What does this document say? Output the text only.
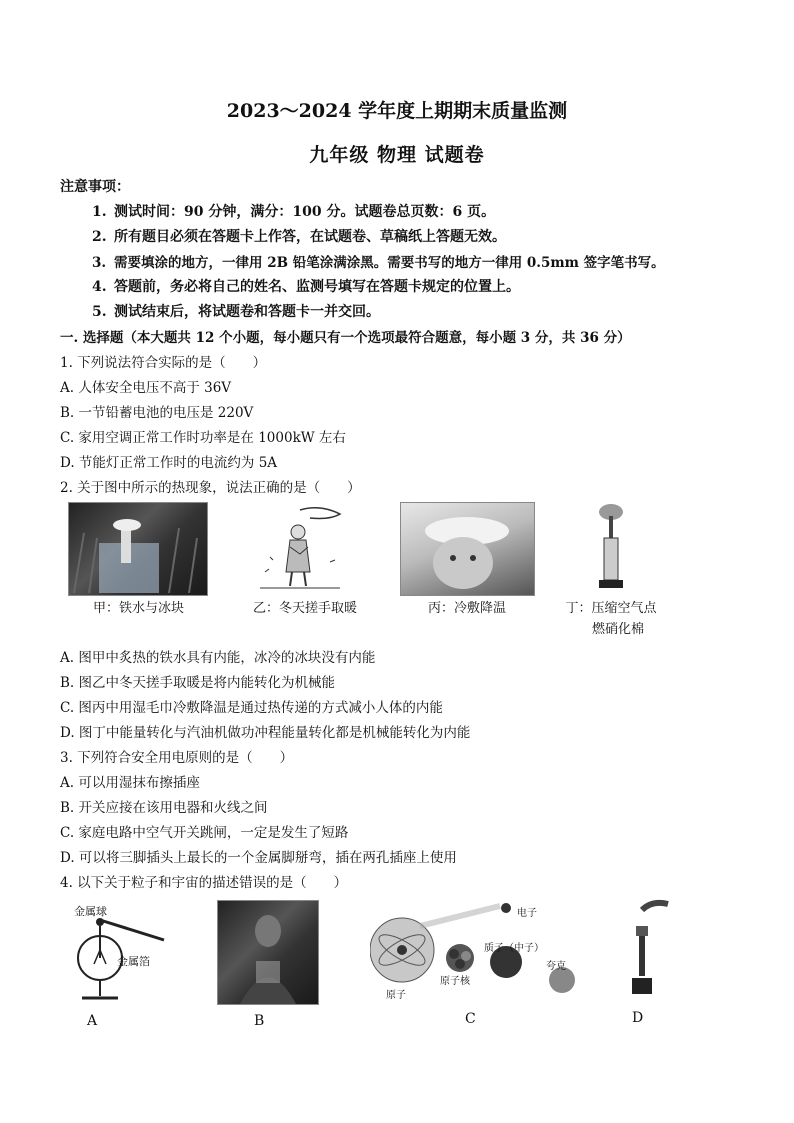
2023～2024 学年度上期期末质量监测
九年级 物理 试题卷
注意事项：
1. 测试时间：90 分钟，满分：100 分。试题卷总页数：6 页。
2. 所有题目必须在答题卡上作答，在试题卷、草稿纸上答题无效。
3. 需要填涂的地方，一律用 2B 铅笔涂满涂黑。需要书写的地方一律用 0.5mm 签字笔书写。
4. 答题前，务必将自己的姓名、监测号填写在答题卡规定的位置上。
5. 测试结束后，将试题卷和答题卡一并交回。
一. 选择题（本大题共 12 个小题，每小题只有一个选项最符合题意，每小题 3 分，共 36 分）
1. 下列说法符合实际的是（　　）
A. 人体安全电压不高于 36V
B. 一节铅蓄电池的电压是 220V
C. 家用空调正常工作时功率是在 1000kW 左右
D. 节能灯正常工作时的电流约为 5A
2. 关于图中所示的热现象，说法正确的是（　　）
甲：铁水与冰块	乙：冬天搓手取暖	丙：冷敷降温	丁：压缩空气点
燃硝化棉
A. 图甲中炙热的铁水具有内能，冰冷的冰块没有内能
B. 图乙中冬天搓手取暖是将内能转化为机械能
C. 图丙中用湿毛巾冷敷降温是通过热传递的方式减小人体的内能
D. 图丁中能量转化与汽油机做功冲程能量转化都是机械能转化为内能
3. 下列符合安全用电原则的是（　　）
A. 可以用湿抹布擦插座
B. 开关应接在该用电器和火线之间
C. 家庭电路中空气开关跳闸，一定是发生了短路
D. 可以将三脚插头上最长的一个金属脚掰弯，插在两孔插座上使用
4. 以下关于粒子和宇宙的描述错误的是（　　）
金属球
金属箔
A	B
电子
质子（中子）
原子核
原子
夸克
C	D
